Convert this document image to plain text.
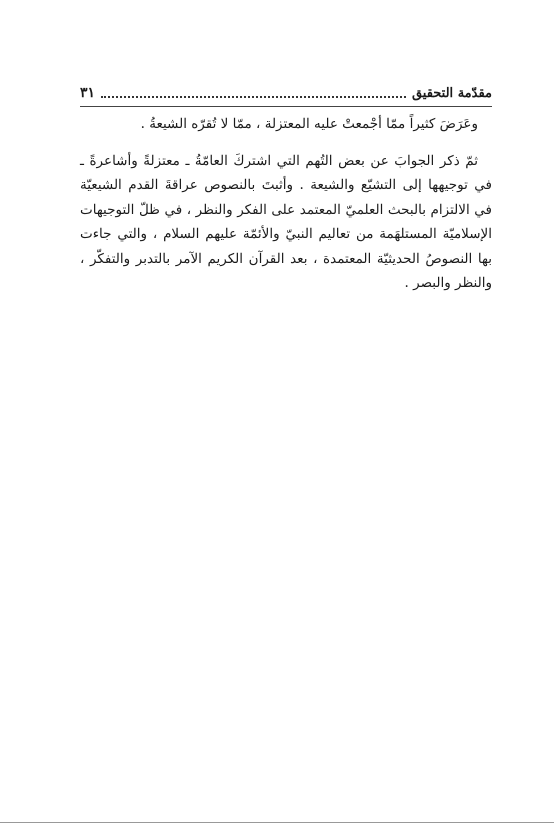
مقدّمة التحقيق
٣١

وعَرَضَ كثيراً ممّا أجْمعتْ عليه المعتزلة ، ممّا لا تُقرّه الشيعةُ .

ثمّ ذكر الجوابَ عن بعض التُهم التي اشتركَ العامّةُ ـ معتزلةً وأشاعرةً ـ في توجيهها إلى التشيّع والشيعة . وأثبتَ بالنصوص عراقةَ القدم الشيعيّة في الالتزام بالبحث العلميّ المعتمد على الفكر والنظر ، في ظلّ التوجيهات الإسلاميّة المستلهَمة من تعاليم النبيّ والأئمّة عليهم السلام ، والتي جاءت بها النصوصُ الحديثيّة المعتمدة ، بعد القرآن الكريم الآمر بالتدبر والتفكّر ، والنظر والبصر .
